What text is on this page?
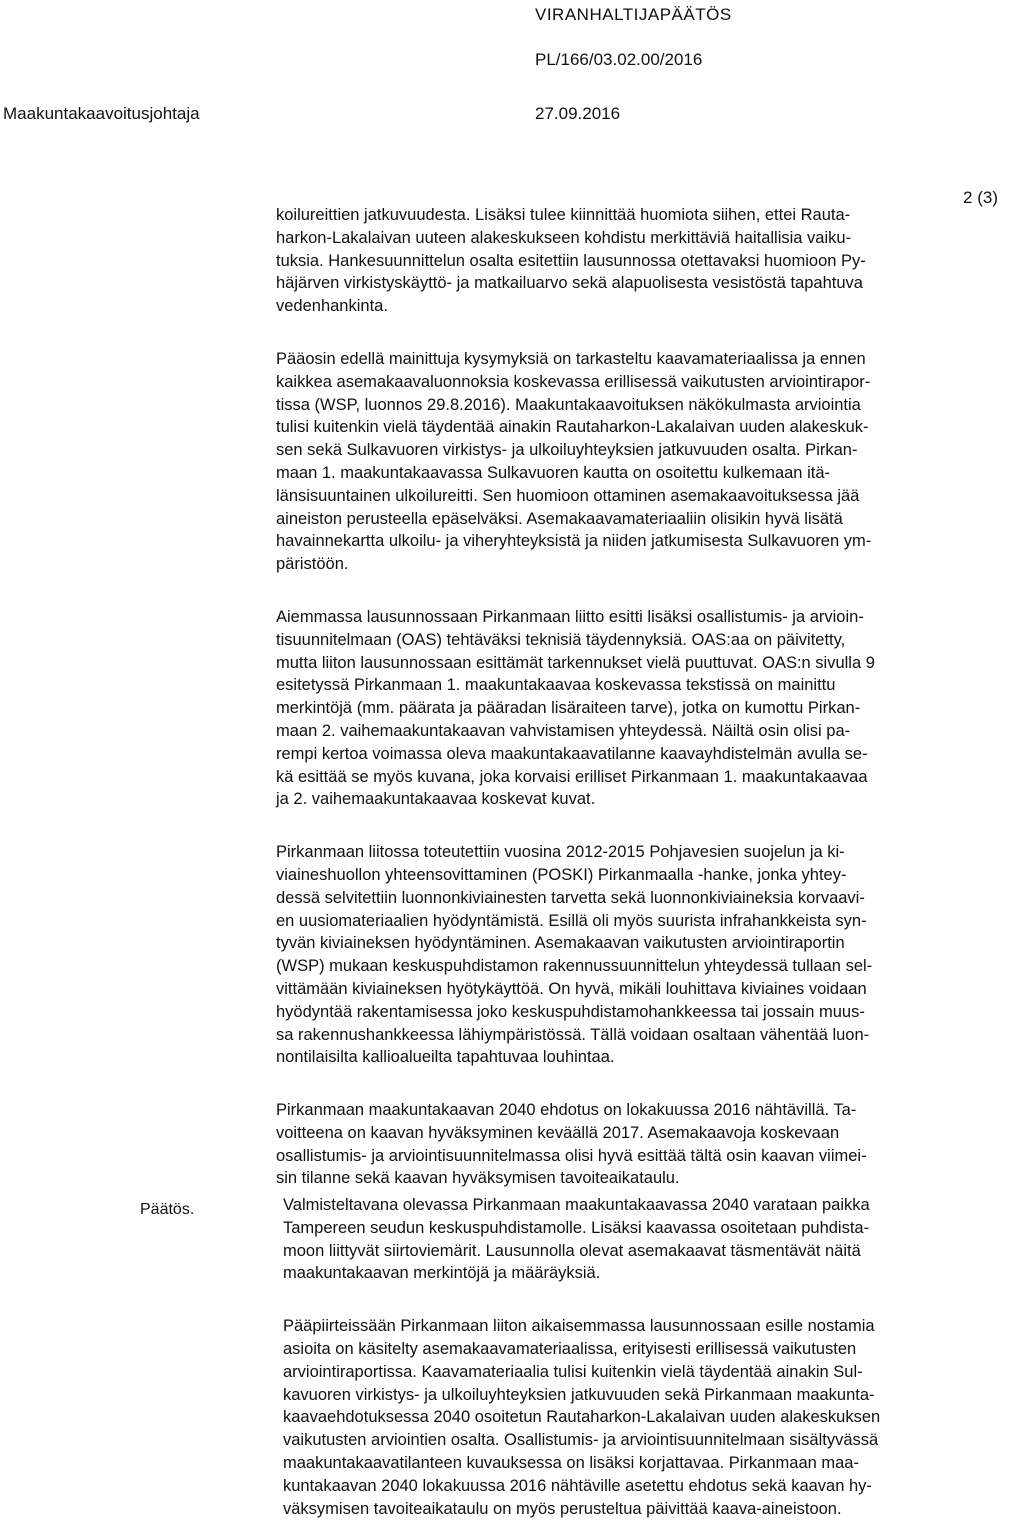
VIRANHALTIJAPÄÄTÖS
PL/166/03.02.00/2016
Maakuntakaavoitusjohtaja	27.09.2016
2 (3)
Päätös.

koilureittien jatkuvuudesta. Lisäksi tulee kiinnittää huomiota siihen, ettei Rauta-
harkon-Lakalaivan uuteen alakeskukseen kohdistu merkittäviä haitallisia vaiku-
tuksia. Hankesuunnittelun osalta esitettiin lausunnossa otettavaksi huomioon Py-
häjärven virkistyskäyttö- ja matkailuarvo sekä alapuolisesta vesistöstä tapahtuva
vedenhankinta.

Pääosin edellä mainittuja kysymyksiä on tarkasteltu kaavamateriaalissa ja ennen
kaikkea asemakaavaluonnoksia koskevassa erillisessä vaikutusten arviointirapor-
tissa (WSP, luonnos 29.8.2016). Maakuntakaavoituksen näkökulmasta arviointia
tulisi kuitenkin vielä täydentää ainakin Rautaharkon-Lakalaivan uuden alakeskuk-
sen sekä Sulkavuoren virkistys- ja ulkoiluyhteyksien jatkuvuuden osalta. Pirkan-
maan 1. maakuntakaavassa Sulkavuoren kautta on osoitettu kulkemaan itä-
länsisuuntainen ulkoilureitti. Sen huomioon ottaminen asemakaavoituksessa jää
aineiston perusteella epäselväksi. Asemakaavamateriaaliin olisikin hyvä lisätä
havainnekartta ulkoilu- ja viheryhteyksistä ja niiden jatkumisesta Sulkavuoren ym-
päristöön.

Aiemmassa lausunnossaan Pirkanmaan liitto esitti lisäksi osallistumis- ja arvioin-
tisuunnitelmaan (OAS) tehtäväksi teknisiä täydennyksiä. OAS:aa on päivitetty,
mutta liiton lausunnossaan esittämät tarkennukset vielä puuttuvat. OAS:n sivulla 9
esitetyssä Pirkanmaan 1. maakuntakaavaa koskevassa tekstissä on mainittu
merkintöjä (mm. päärata ja pääradan lisäraiteen tarve), jotka on kumottu Pirkan-
maan 2. vaihemaakuntakaavan vahvistamisen yhteydessä. Näiltä osin olisi pa-
rempi kertoa voimassa oleva maakuntakaavatilanne kaavayhdistelmän avulla se-
kä esittää se myös kuvana, joka korvaisi erilliset Pirkanmaan 1. maakuntakaavaa
ja 2. vaihemaakuntakaavaa koskevat kuvat.

Pirkanmaan liitossa toteutettiin vuosina 2012-2015 Pohjavesien suojelun ja ki-
viaineshuollon yhteensovittaminen (POSKI) Pirkanmaalla -hanke, jonka yhtey-
dessä selvitettiin luonnonkiviainesten tarvetta sekä luonnonkiviaineksia korvaavi-
en uusiomateriaalien hyödyntämistä. Esillä oli myös suurista infrahankkeista syn-
tyvän kiviaineksen hyödyntäminen. Asemakaavan vaikutusten arviointiraportin
(WSP) mukaan keskuspuhdistamon rakennussuunnittelun yhteydessä tullaan sel-
vittämään kiviaineksen hyötykäyttöä. On hyvä, mikäli louhittava kiviaines voidaan
hyödyntää rakentamisessa joko keskuspuhdistamohankkeessa tai jossain muus-
sa rakennushankkeessa lähiympäristössä. Tällä voidaan osaltaan vähentää luon-
nontilaisilta kallioalueilta tapahtuvaa louhintaa.

Pirkanmaan maakuntakaavan 2040 ehdotus on lokakuussa 2016 nähtävillä. Ta-
voitteena on kaavan hyväksyminen keväällä 2017. Asemakaavoja koskevaan
osallistumis- ja arviointisuunnitelmassa olisi hyvä esittää tältä osin kaavan viimei-
sin tilanne sekä kaavan hyväksymisen tavoiteaikataulu.

Valmisteltavana olevassa Pirkanmaan maakuntakaavassa 2040 varataan paikka
Tampereen seudun keskuspuhdistamolle. Lisäksi kaavassa osoitetaan puhdista-
moon liittyvät siirtoviemärit. Lausunnolla olevat asemakaavat täsmentävät näitä
maakuntakaavan merkintöjä ja määräyksiä.

Pääpiirteissään Pirkanmaan liiton aikaisemmassa lausunnossaan esille nostamia
asioita on käsitelty asemakaavamateriaalissa, erityisesti erillisessä vaikutusten
arviointiraportissa. Kaavamateriaalia tulisi kuitenkin vielä täydentää ainakin Sul-
kavuoren virkistys- ja ulkoiluyhteyksien jatkuvuuden sekä Pirkanmaan maakunta-
kaavaehdotuksessa 2040 osoitetun Rautaharkon-Lakalaivan uuden alakeskuksen
vaikutusten arviointien osalta. Osallistumis- ja arviointisuunnitelmaan sisältyvässä
maakuntakaavatilanteen kuvauksessa on lisäksi korjattavaa. Pirkanmaan maa-
kuntakaavan 2040 lokakuussa 2016 nähtäville asetettu ehdotus sekä kaavan hy-
väksymisen tavoiteaikataulu on myös perusteltua päivittää kaava-aineistoon.
